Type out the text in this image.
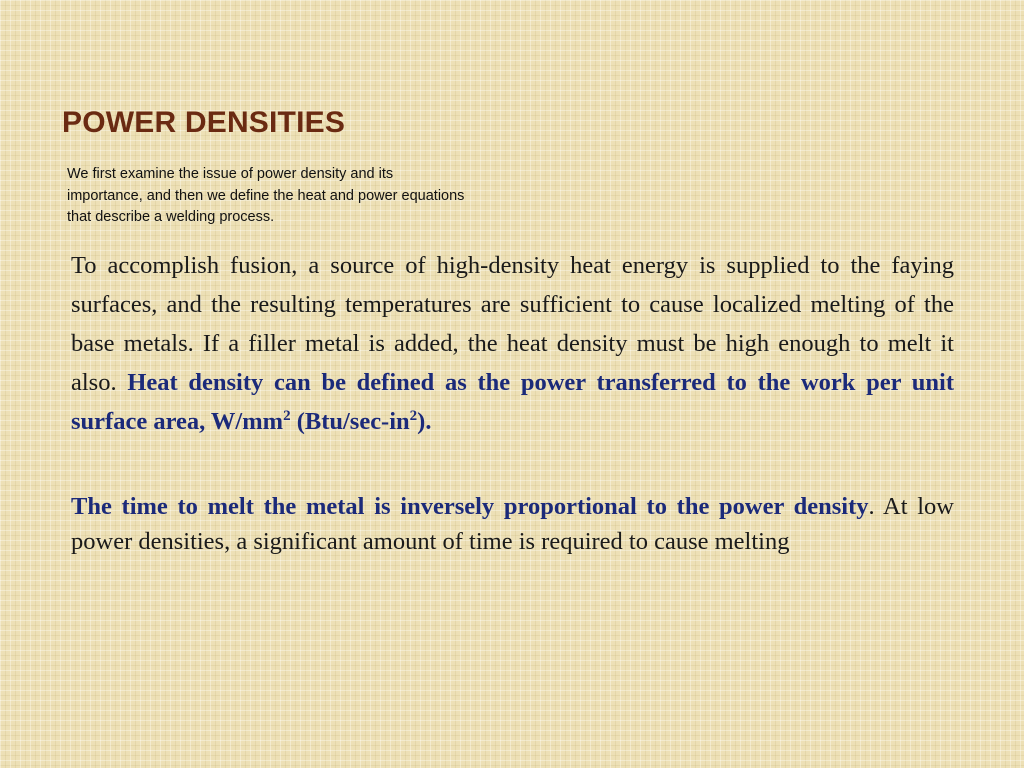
POWER DENSITIES

We first examine the issue of power density and its importance, and then we define the heat and power equations that describe a welding process.

To accomplish fusion, a source of high-density heat energy is supplied to the faying surfaces, and the resulting temperatures are sufficient to cause localized melting of the base metals. If a filler metal is added, the heat density must be high enough to melt it also. Heat density can be defined as the power transferred to the work per unit surface area, $W/mm^2$ $(Btu/\sec-in^2)$.

The time to melt the metal is inversely proportional to the power density. At low power densities, a significant amount of time is required to cause melting
